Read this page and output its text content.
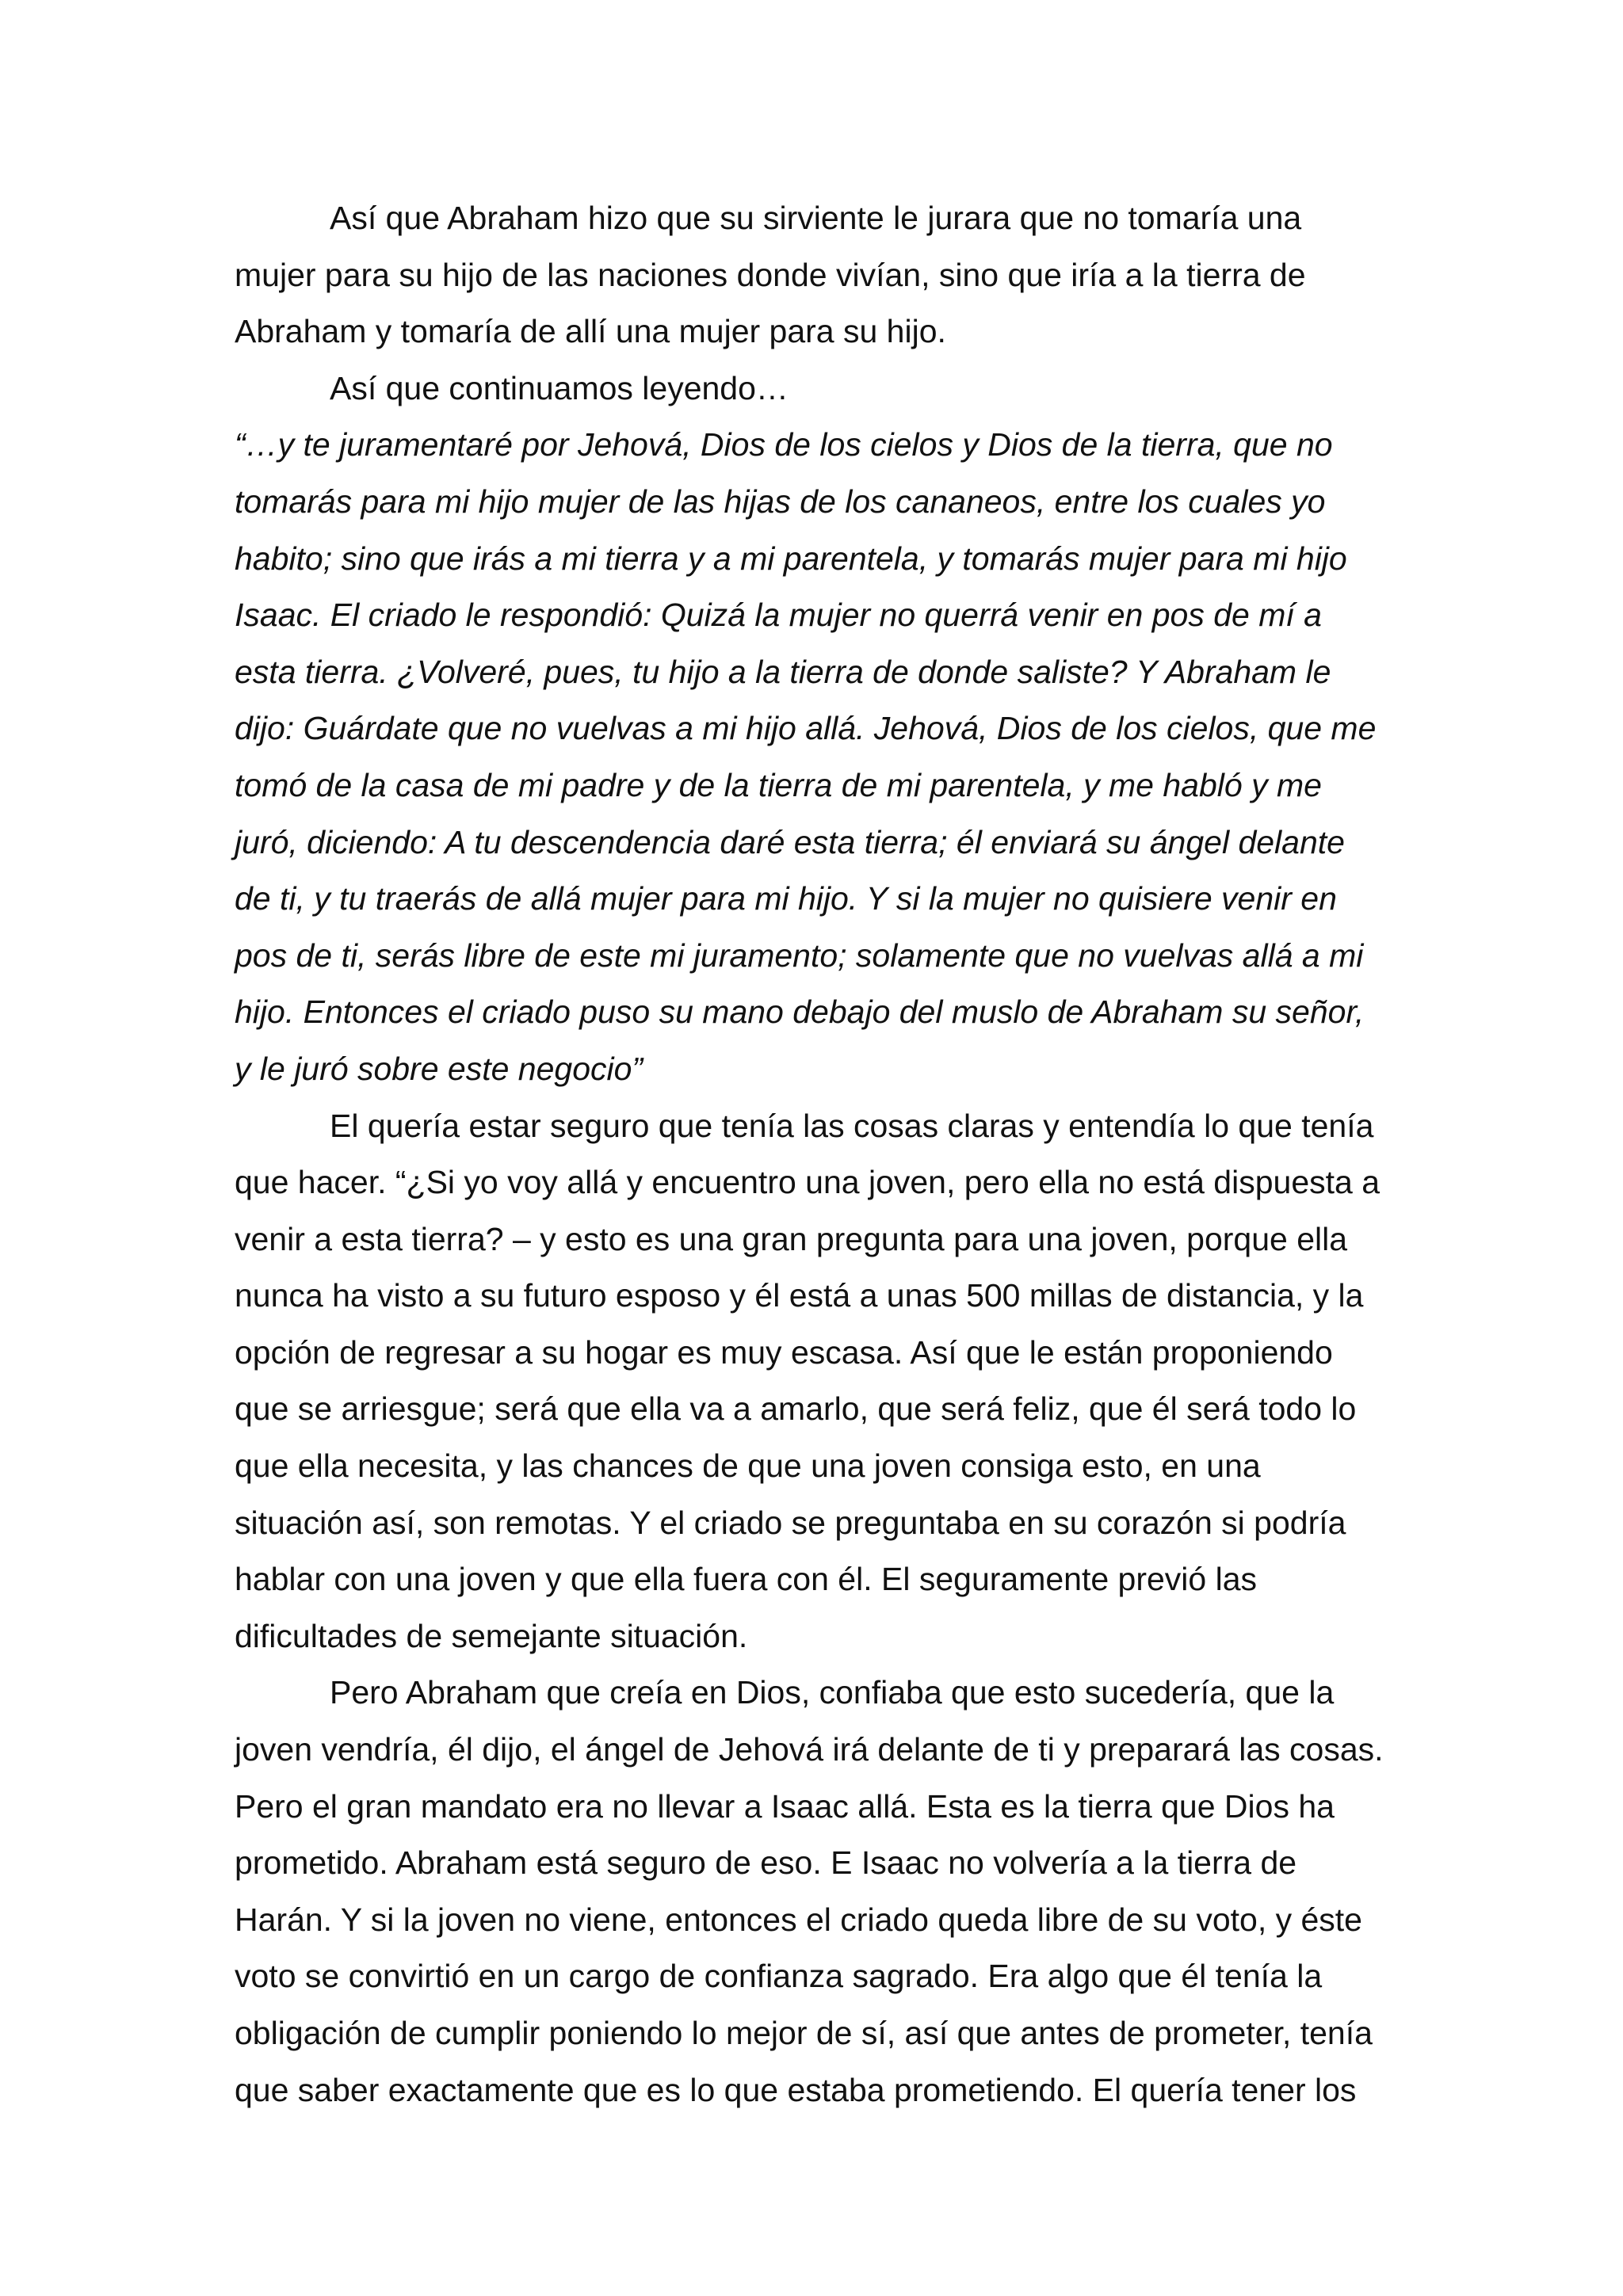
Así que Abraham hizo que su sirviente le jurara que no tomaría una
mujer para su hijo de las naciones donde vivían, sino que iría a la tierra de
Abraham y tomaría de allí una mujer para su hijo.

Así que continuamos leyendo…

“…y te juramentaré por Jehová, Dios de los cielos y Dios de la tierra, que no
tomarás para mi hijo mujer de las hijas de los cananeos, entre los cuales yo
habito; sino que irás a mi tierra y a mi parentela, y tomarás mujer para mi hijo
Isaac. El criado le respondió: Quizá la mujer no querrá venir en pos de mí a
esta tierra. ¿Volveré, pues, tu hijo a la tierra de donde saliste? Y Abraham le
dijo: Guárdate que no vuelvas a mi hijo allá. Jehová, Dios de los cielos, que me
tomó de la casa de mi padre y de la tierra de mi parentela, y me habló y me
juró, diciendo: A tu descendencia daré esta tierra; él enviará su ángel delante
de ti, y tu traerás de allá mujer para mi hijo. Y si la mujer no quisiere venir en
pos de ti, serás libre de este mi juramento; solamente que no vuelvas allá a mi
hijo. Entonces el criado puso su mano debajo del muslo de Abraham su señor,
y le juró sobre este negocio”

El quería estar seguro que tenía las cosas claras y entendía lo que tenía
que hacer. “¿Si yo voy allá y encuentro una joven, pero ella no está dispuesta a
venir a esta tierra? – y esto es una gran pregunta para una joven, porque ella
nunca ha visto a su futuro esposo y él está a unas 500 millas de distancia, y la
opción de regresar a su hogar es muy escasa. Así que le están proponiendo
que se arriesgue; será que ella va a amarlo, que será feliz, que él será todo lo
que ella necesita, y las chances de que una joven consiga esto, en una
situación así, son remotas. Y el criado se preguntaba en su corazón si podría
hablar con una joven y que ella fuera con él. El seguramente previó las
dificultades de semejante situación.

Pero Abraham que creía en Dios, confiaba que esto sucedería, que la
joven vendría, él dijo, el ángel de Jehová irá delante de ti y preparará las cosas.
Pero el gran mandato era no llevar a Isaac allá. Esta es la tierra que Dios ha
prometido. Abraham está seguro de eso. E Isaac no volvería a la tierra de
Harán. Y si la joven no viene, entonces el criado queda libre de su voto, y éste
voto se convirtió en un cargo de confianza sagrado. Era algo que él tenía la
obligación de cumplir poniendo lo mejor de sí, así que antes de prometer, tenía
que saber exactamente que es lo que estaba prometiendo. El quería tener los
